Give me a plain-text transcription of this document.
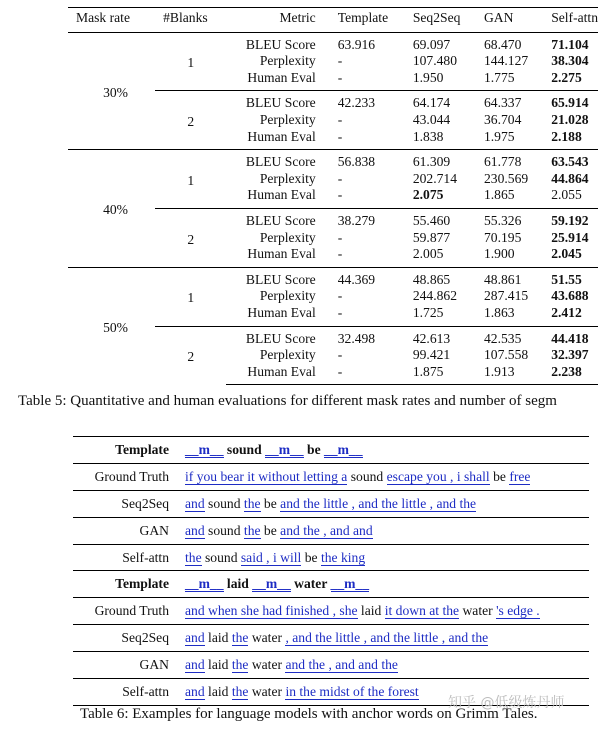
Mask rate	#Blanks	Metric	Template	Seq2Seq	GAN	Self-attn
30%	1	BLEU Score	63.916	69.097	68.470	71.104
		Perplexity	-	107.480	144.127	38.304
		Human Eval	-	1.950	1.775	2.275
	2	BLEU Score	42.233	64.174	64.337	65.914
		Perplexity	-	43.044	36.704	21.028
		Human Eval	-	1.838	1.975	2.188
40%	1	BLEU Score	56.838	61.309	61.778	63.543
		Perplexity	-	202.714	230.569	44.864
		Human Eval	-	2.075	1.865	2.055
	2	BLEU Score	38.279	55.460	55.326	59.192
		Perplexity	-	59.877	70.195	25.914
		Human Eval	-	2.005	1.900	2.045
50%	1	BLEU Score	44.369	48.865	48.861	51.55
		Perplexity	-	244.862	287.415	43.688
		Human Eval	-	1.725	1.863	2.412
	2	BLEU Score	32.498	42.613	42.535	44.418
		Perplexity	-	99.421	107.558	32.397
		Human Eval	-	1.875	1.913	2.238
Table 5: Quantitative and human evaluations for different mask rates and number of segm
Template	__m__ sound __m__ be __m__
Ground Truth	if you bear it without letting a sound escape you , i shall be free
Seq2Seq	and sound the be and the little , and the little , and the
GAN	and sound the be and the , and and
Self-attn	the sound said , i will be the king
Template	__m__ laid __m__ water __m__
Ground Truth	and when she had finished , she laid it down at the water 's edge .
Seq2Seq	and laid the water , and the little , and the little , and the
GAN	and laid the water and the , and and the
Self-attn	and laid the water in the midst of the forest
Table 6: Examples for language models with anchor words on Grimm Tales.
知乎 @低级炼丹师
